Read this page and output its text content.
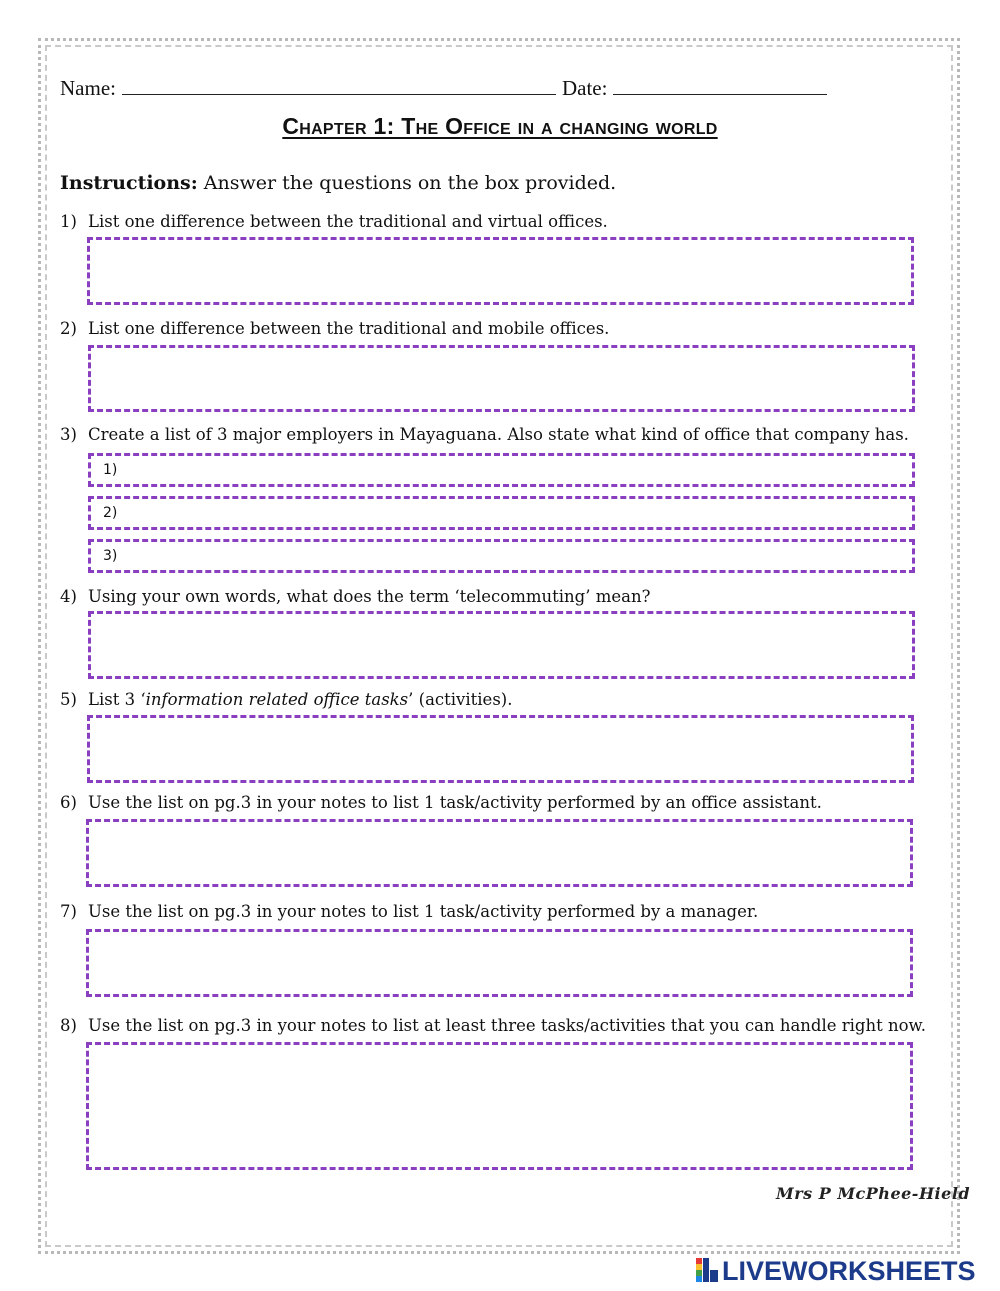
Name:	Date:
Chapter 1: The Office in a changing world
Instructions: Answer the questions on the box provided.
1) List one difference between the traditional and virtual offices.
2) List one difference between the traditional and mobile offices.
3) Create a list of 3 major employers in Mayaguana. Also state what kind of office that company has.
1)
2)
3)
4) Using your own words, what does the term ‘telecommuting’ mean?
5) List 3 ‘information related office tasks’ (activities).
6) Use the list on pg.3 in your notes to list 1 task/activity performed by an office assistant.
7) Use the list on pg.3 in your notes to list 1 task/activity performed by a manager.
8) Use the list on pg.3 in your notes to list at least three tasks/activities that you can handle right now.
Mrs P McPhee-Hield
LIVEWORKSHEETS
